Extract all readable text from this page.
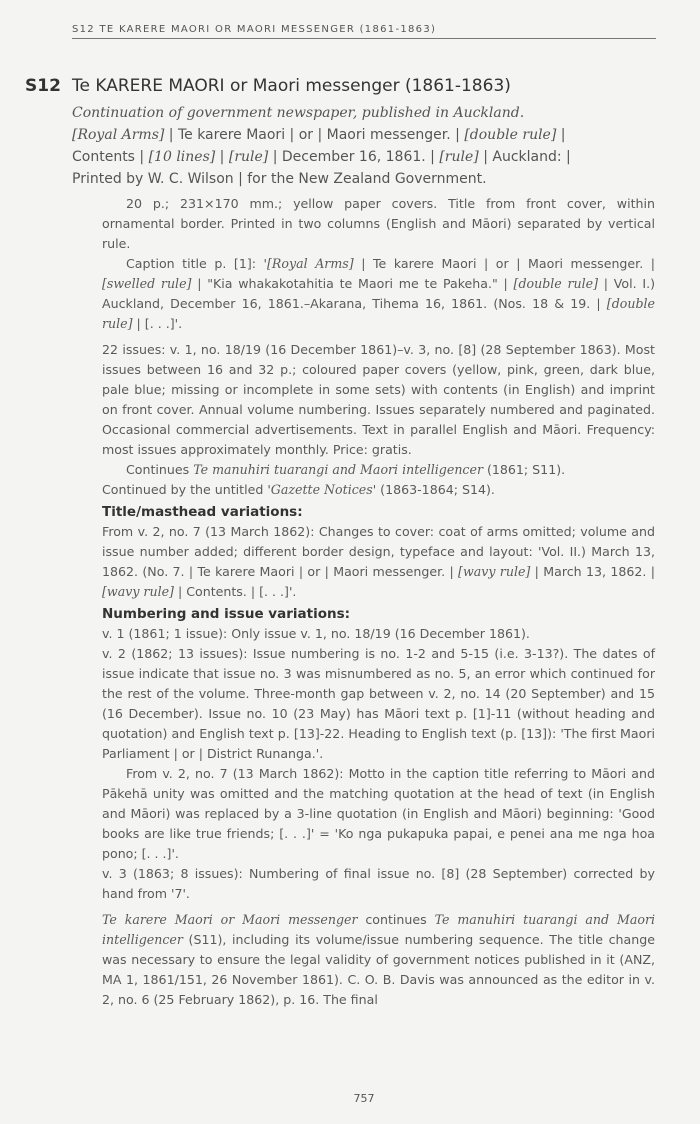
S12 TE KARERE MAORI OR MAORI MESSENGER (1861-1863)
S12 Te KARERE MAORI or Maori messenger (1861-1863)

Continuation of government newspaper, published in Auckland.

[Royal Arms] | Te karere Maori | or | Maori messenger. | [double rule] |

Contents | [10 lines] | [rule] | December 16, 1861. | [rule] | Auckland: |

Printed by W. C. Wilson | for the New Zealand Government.

20 p.; 231×170 mm.; yellow paper covers. Title from front cover, within ornamental border. Printed in two columns (English and Māori) separated by vertical rule.

Caption title p. [1]: '[Royal Arms] | Te karere Maori | or | Maori messenger. | [swelled rule] | "Kia whakakotahitia te Maori me te Pakeha." | [double rule] | Vol. I.) Auckland, December 16, 1861.–Akarana, Tihema 16, 1861. (Nos. 18 & 19. | [double rule] | [. . .]'.

22 issues: v. 1, no. 18/19 (16 December 1861)–v. 3, no. [8] (28 September 1863). Most issues between 16 and 32 p.; coloured paper covers (yellow, pink, green, dark blue, pale blue; missing or incomplete in some sets) with contents (in English) and imprint on front cover. Annual volume numbering. Issues separately numbered and paginated. Occasional commercial advertisements. Text in parallel English and Māori. Frequency: most issues approximately monthly. Price: gratis.

Continues Te manuhiri tuarangi and Maori intelligencer (1861; S11).

Continued by the untitled 'Gazette Notices' (1863-1864; S14).

Title/masthead variations:

From v. 2, no. 7 (13 March 1862): Changes to cover: coat of arms omitted; volume and issue number added; different border design, typeface and layout: 'Vol. II.) March 13, 1862. (No. 7. | Te karere Maori | or | Maori messenger. | [wavy rule] | March 13, 1862. | [wavy rule] | Contents. | [. . .]'.

Numbering and issue variations:

v. 1 (1861; 1 issue): Only issue v. 1, no. 18/19 (16 December 1861).

v. 2 (1862; 13 issues): Issue numbering is no. 1-2 and 5-15 (i.e. 3-13?). The dates of issue indicate that issue no. 3 was misnumbered as no. 5, an error which continued for the rest of the volume. Three-month gap between v. 2, no. 14 (20 September) and 15 (16 December). Issue no. 10 (23 May) has Māori text p. [1]-11 (without heading and quotation) and English text p. [13]-22. Heading to English text (p. [13]): 'The first Maori Parliament | or | District Runanga.'.

From v. 2, no. 7 (13 March 1862): Motto in the caption title referring to Māori and Pākehā unity was omitted and the matching quotation at the head of text (in English and Māori) was replaced by a 3-line quotation (in English and Māori) beginning: 'Good books are like true friends; [. . .]' = 'Ko nga pukapuka papai, e penei ana me nga hoa pono; [. . .]'.

v. 3 (1863; 8 issues): Numbering of final issue no. [8] (28 September) corrected by hand from '7'.

Te karere Maori or Maori messenger continues Te manuhiri tuarangi and Maori intelligencer (S11), including its volume/issue numbering sequence. The title change was necessary to ensure the legal validity of government notices published in it (ANZ, MA 1, 1861/151, 26 November 1861). C. O. B. Davis was announced as the editor in v. 2, no. 6 (25 February 1862), p. 16. The final

757
